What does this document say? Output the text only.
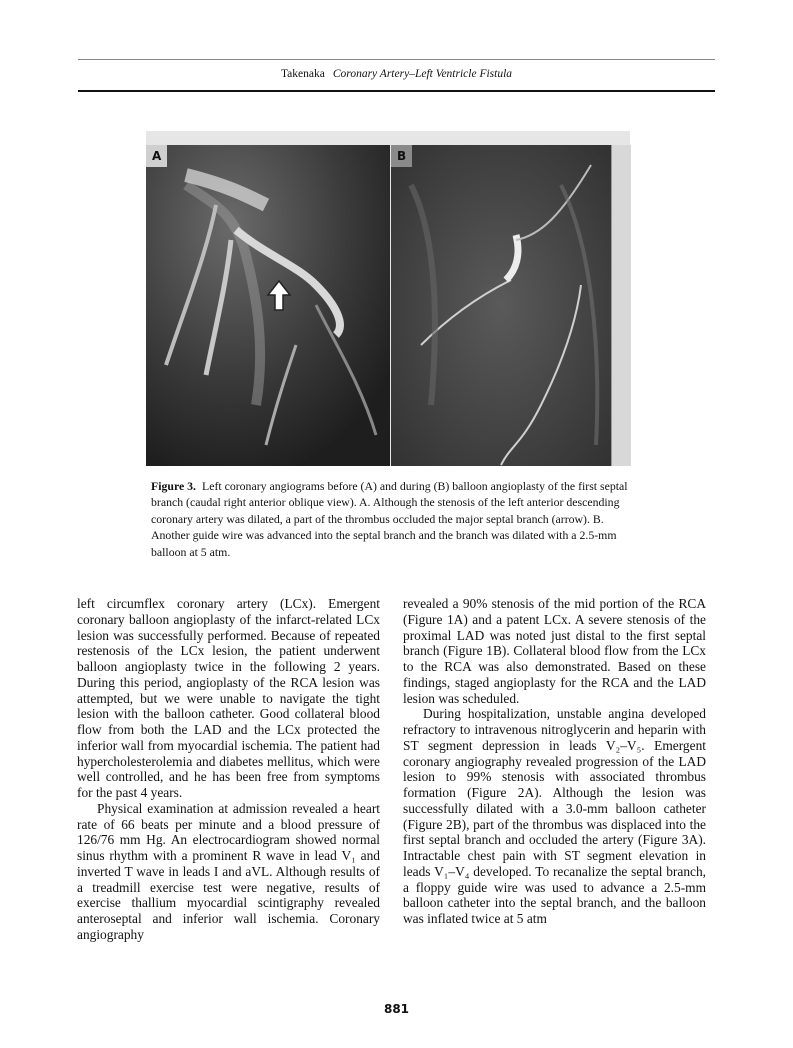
Takenaka Coronary Artery–Left Ventricle Fistula
A	B
Figure 3. Left coronary angiograms before (A) and during (B) balloon angioplasty of the first septal branch (caudal right anterior oblique view). A. Although the stenosis of the left anterior descending coronary artery was dilated, a part of the thrombus occluded the major septal branch (arrow). B. Another guide wire was advanced into the septal branch and the branch was dilated with a 2.5-mm balloon at 5 atm.

left circumflex coronary artery (LCx). Emergent coronary balloon angioplasty of the infarct-related LCx lesion was successfully performed. Because of repeated restenosis of the LCx lesion, the patient underwent balloon angioplasty twice in the following 2 years. During this period, angioplasty of the RCA lesion was attempted, but we were unable to navigate the tight lesion with the balloon catheter. Good collateral blood flow from both the LAD and the LCx protected the inferior wall from myocardial ischemia. The patient had hypercholesterolemia and diabetes mellitus, which were well controlled, and he has been free from symptoms for the past 4 years.

Physical examination at admission revealed a heart rate of 66 beats per minute and a blood pressure of 126/76 mm Hg. An electrocardiogram showed normal sinus rhythm with a prominent R wave in lead V₁ and inverted T wave in leads I and aVL. Although results of a treadmill exercise test were negative, results of exercise thallium myocardial scintigraphy revealed anteroseptal and inferior wall ischemia. Coronary angiography

revealed a 90% stenosis of the mid portion of the RCA (Figure 1A) and a patent LCx. A severe stenosis of the proximal LAD was noted just distal to the first septal branch (Figure 1B). Collateral blood flow from the LCx to the RCA was also demonstrated. Based on these findings, staged angioplasty for the RCA and the LAD lesion was scheduled.

During hospitalization, unstable angina developed refractory to intravenous nitroglycerin and heparin with ST segment depression in leads V₂–V₅. Emergent coronary angiography revealed progression of the LAD lesion to 99% stenosis with associated thrombus formation (Figure 2A). Although the lesion was successfully dilated with a 3.0-mm balloon catheter (Figure 2B), part of the thrombus was displaced into the first septal branch and occluded the artery (Figure 3A). Intractable chest pain with ST segment elevation in leads V₁–V₄ developed. To recanalize the septal branch, a floppy guide wire was used to advance a 2.5-mm balloon catheter into the septal branch, and the balloon was inflated twice at 5 atm

881
